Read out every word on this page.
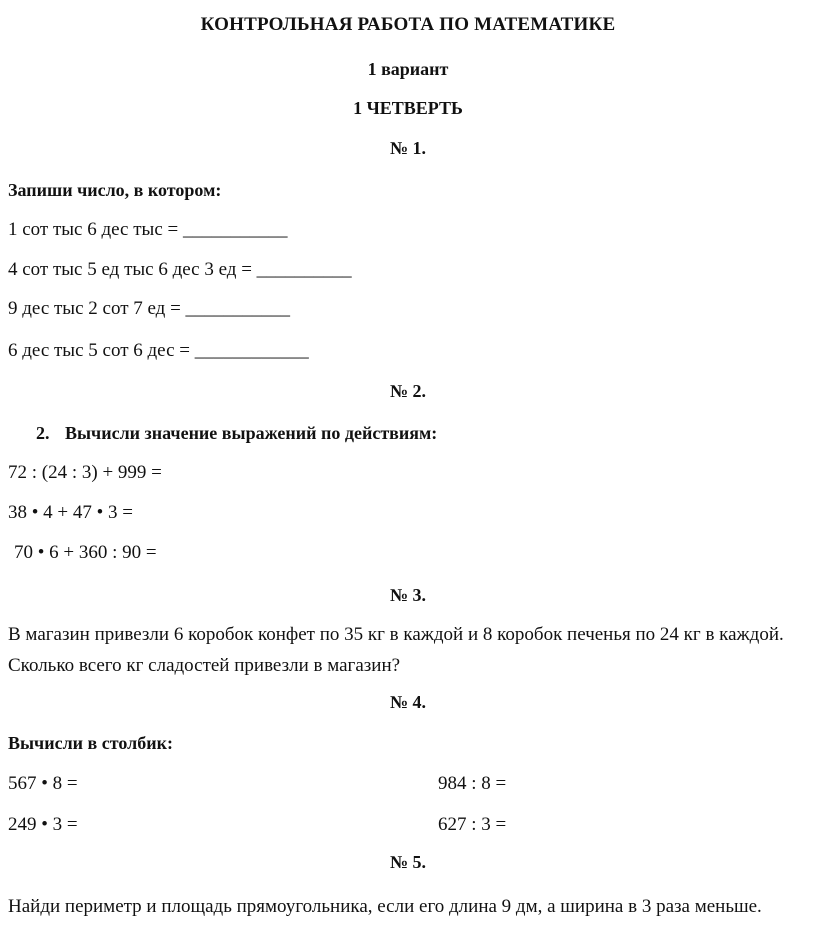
КОНТРОЛЬНАЯ РАБОТА ПО МАТЕМАТИКЕ
1 вариант
1 ЧЕТВЕРТЬ
№ 1.
Запиши число, в котором:
1 сот тыс 6 дес тыс = ___________
4 сот тыс 5 ед тыс 6 дес 3 ед = __________
9 дес тыс 2 сот 7 ед = ___________
6 дес тыс 5 сот 6 дес = ____________
№ 2.
2. Вычисли значение выражений по действиям:
72 : (24 : 3) + 999 =
38 • 4 + 47 • 3 =
70 • 6 + 360 : 90 =
№ 3.
В магазин привезли 6 коробок конфет по 35 кг в каждой и 8 коробок печенья по 24 кг в каждой. Сколько всего кг сладостей привезли в магазин?
№ 4.
Вычисли в столбик:
567 • 8 =	984 : 8 =
249 • 3 =	627 : 3 =
№ 5.
Найди периметр и площадь прямоугольника, если его длина 9 дм, а ширина в 3 раза меньше.
